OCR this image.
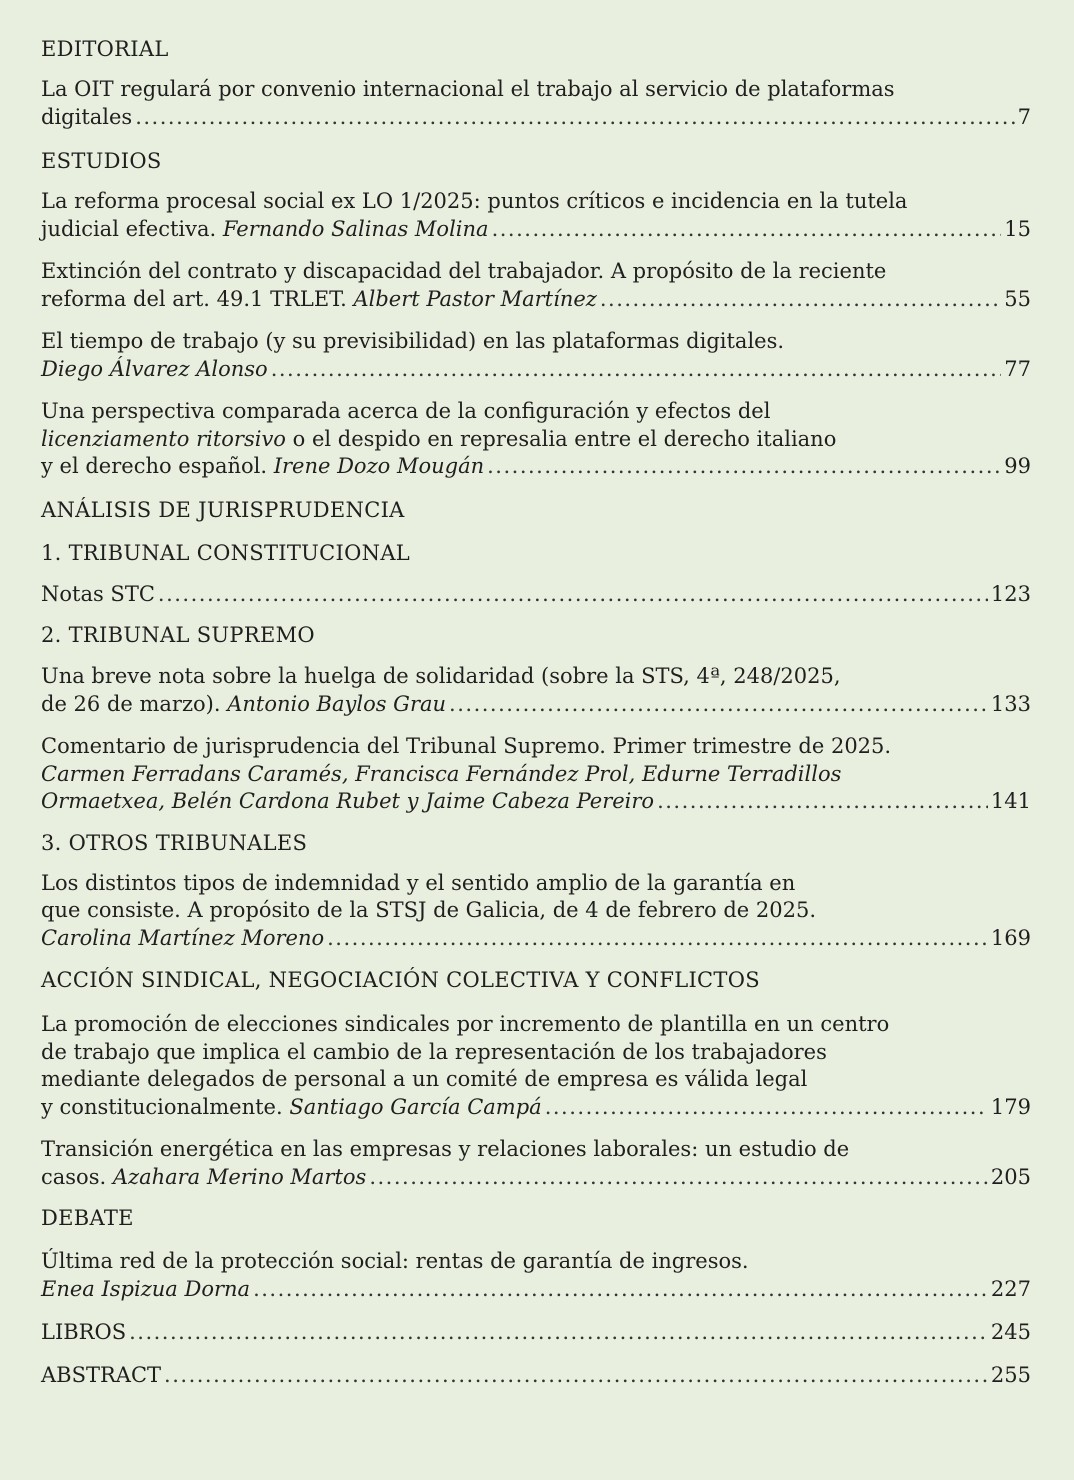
EDITORIAL
La OIT regulará por convenio internacional el trabajo al servicio de plataformas
digitales .....	7
ESTUDIOS
La reforma procesal social ex LO 1/2025: puntos críticos e incidencia en la tutela
judicial efectiva. Fernando Salinas Molina .....	15
Extinción del contrato y discapacidad del trabajador. A propósito de la reciente
reforma del art. 49.1 TRLET. Albert Pastor Martínez .....	55
El tiempo de trabajo (y su previsibilidad) en las plataformas digitales.
Diego Álvarez Alonso .....	77
Una perspectiva comparada acerca de la configuración y efectos del
licenziamento ritorsivo o el despido en represalia entre el derecho italiano
y el derecho español. Irene Dozo Mougán .....	99
ANÁLISIS DE JURISPRUDENCIA
1. TRIBUNAL CONSTITUCIONAL
Notas STC .....	123
2. TRIBUNAL SUPREMO
Una breve nota sobre la huelga de solidaridad (sobre la STS, 4ª, 248/2025,
de 26 de marzo). Antonio Baylos Grau .....	133
Comentario de jurisprudencia del Tribunal Supremo. Primer trimestre de 2025.
Carmen Ferradans Caramés, Francisca Fernández Prol, Edurne Terradillos
Ormaetxea, Belén Cardona Rubet y Jaime Cabeza Pereiro .....	141
3. OTROS TRIBUNALES
Los distintos tipos de indemnidad y el sentido amplio de la garantía en
que consiste. A propósito de la STSJ de Galicia, de 4 de febrero de 2025.
Carolina Martínez Moreno .....	169
ACCIÓN SINDICAL, NEGOCIACIÓN COLECTIVA Y CONFLICTOS
La promoción de elecciones sindicales por incremento de plantilla en un centro
de trabajo que implica el cambio de la representación de los trabajadores
mediante delegados de personal a un comité de empresa es válida legal
y constitucionalmente. Santiago García Campá .....	179
Transición energética en las empresas y relaciones laborales: un estudio de
casos. Azahara Merino Martos .....	205
DEBATE
Última red de la protección social: rentas de garantía de ingresos.
Enea Ispizua Dorna .....	227
LIBROS .....	245
ABSTRACT .....	255
